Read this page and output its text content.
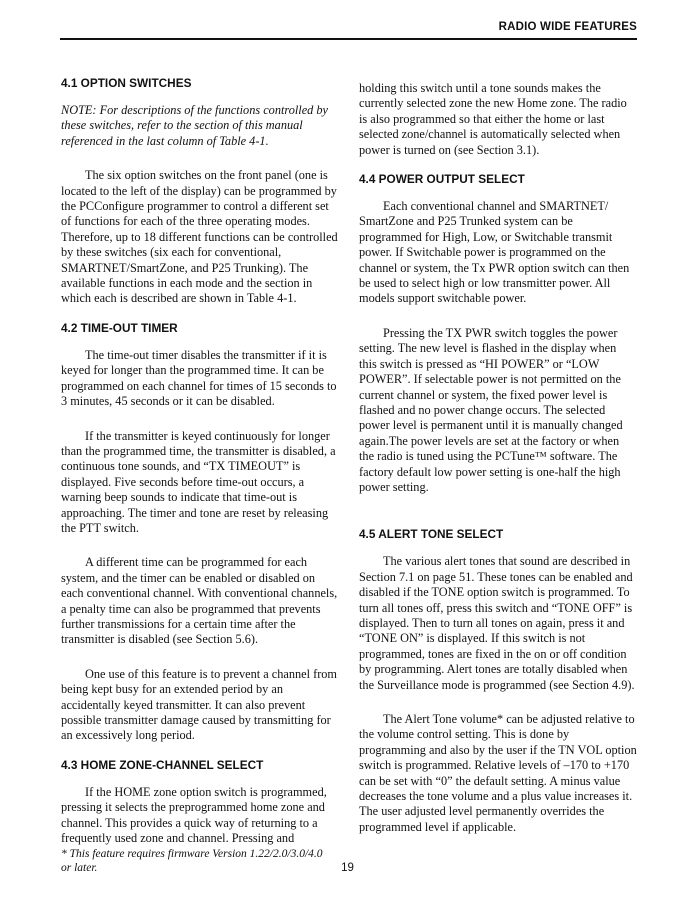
RADIO WIDE FEATURES
4.1 OPTION SWITCHES

NOTE: For descriptions of the functions controlled by these switches, refer to the section of this manual referenced in the last column of Table 4-1.

The six option switches on the front panel (one is located to the left of the display) can be programmed by the PCConfigure programmer to control a different set of functions for each of the three operating modes. Therefore, up to 18 different functions can be controlled by these switches (six each for conventional, SMARTNET/SmartZone, and P25 Trunking). The available functions in each mode and the section in which each is described are shown in Table 4-1.

4.2 TIME-OUT TIMER

The time-out timer disables the transmitter if it is keyed for longer than the programmed time. It can be programmed on each channel for times of 15 seconds to 3 minutes, 45 seconds or it can be disabled.

If the transmitter is keyed continuously for longer than the programmed time, the transmitter is disabled, a continuous tone sounds, and “TX TIMEOUT” is displayed. Five seconds before time-out occurs, a warning beep sounds to indicate that time-out is approaching. The timer and tone are reset by releasing the PTT switch.

A different time can be programmed for each system, and the timer can be enabled or disabled on each conventional channel. With conventional channels, a penalty time can also be programmed that prevents further transmissions for a certain time after the transmitter is disabled (see Section 5.6).

One use of this feature is to prevent a channel from being kept busy for an extended period by an accidentally keyed transmitter. It can also prevent possible transmitter damage caused by transmitting for an excessively long period.

4.3 HOME ZONE-CHANNEL SELECT

If the HOME zone option switch is programmed, pressing it selects the preprogrammed home zone and channel. This provides a quick way of returning to a frequently used zone and channel. Pressing and

holding this switch until a tone sounds makes the currently selected zone the new Home zone. The radio is also programmed so that either the home or last selected zone/channel is automatically selected when power is turned on (see Section 3.1).

4.4 POWER OUTPUT SELECT

Each conventional channel and SMARTNET/ SmartZone and P25 Trunked system can be programmed for High, Low, or Switchable transmit power. If Switchable power is programmed on the channel or system, the Tx PWR option switch can then be used to select high or low transmitter power. All models support switchable power.

Pressing the TX PWR switch toggles the power setting. The new level is flashed in the display when this switch is pressed as “HI POWER” or “LOW POWER”. If selectable power is not permitted on the current channel or system, the fixed power level is flashed and no power change occurs. The selected power level is permanent until it is manually changed again.The power levels are set at the factory or when the radio is tuned using the PCTune™ software. The factory default low power setting is one-half the high power setting.

4.5 ALERT TONE SELECT

The various alert tones that sound are described in Section 7.1 on page 51. These tones can be enabled and disabled if the TONE option switch is programmed. To turn all tones off, press this switch and “TONE OFF” is displayed. Then to turn all tones on again, press it and “TONE ON” is displayed. If this switch is not programmed, tones are fixed in the on or off condition by programming. Alert tones are totally disabled when the Surveillance mode is programmed (see Section 4.9).

The Alert Tone volume* can be adjusted relative to the volume control setting. This is done by programming and also by the user if the TN VOL option switch is programmed. Relative levels of –170 to +170 can be set with “0” the default setting. A minus value decreases the tone volume and a plus value increases it. The user adjusted level permanently overrides the programmed level if applicable.

* This feature requires firmware Version 1.22/2.0/3.0/4.0 or later.	19
